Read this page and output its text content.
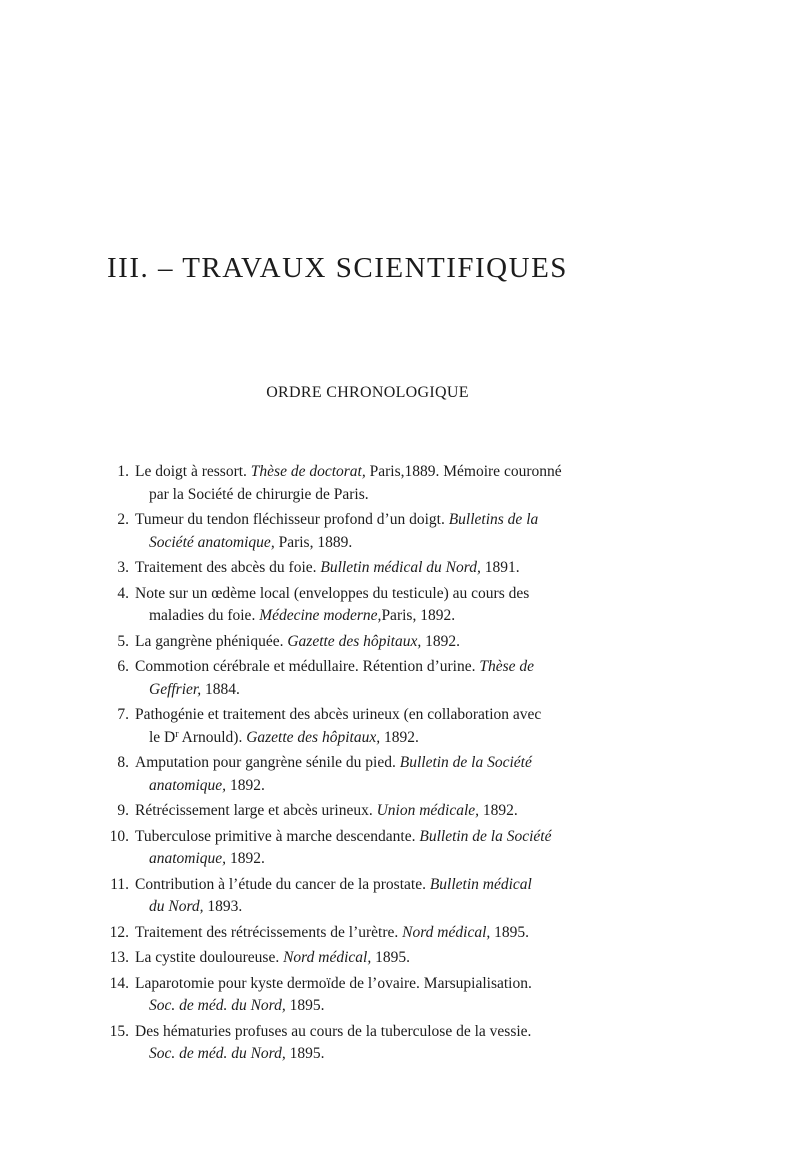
III. – TRAVAUX SCIENTIFIQUES
ORDRE CHRONOLOGIQUE
1. Le doigt à ressort. Thèse de doctorat, Paris,1889. Mémoire couronné
par la Société de chirurgie de Paris.
2. Tumeur du tendon fléchisseur profond d’un doigt. Bulletins de la
Société anatomique, Paris, 1889.
3. Traitement des abcès du foie. Bulletin médical du Nord, 1891.
4. Note sur un œdème local (enveloppes du testicule) au cours des
maladies du foie. Médecine moderne,Paris, 1892.
5. La gangrène phéniquée. Gazette des hôpitaux, 1892.
6. Commotion cérébrale et médullaire. Rétention d’urine. Thèse de
Geffrier, 1884.
7. Pathogénie et traitement des abcès urineux (en collaboration avec
le $D^r$ Arnould). Gazette des hôpitaux, 1892.
8. Amputation pour gangrène sénile du pied. Bulletin de la Société
anatomique, 1892.
9. Rétrécissement large et abcès urineux. Union médicale, 1892.
10. Tuberculose primitive à marche descendante. Bulletin de la Société
anatomique, 1892.
11. Contribution à l’étude du cancer de la prostate. Bulletin médical
du Nord, 1893.
12. Traitement des rétrécissements de l’urètre. Nord médical, 1895.
13. La cystite douloureuse. Nord médical, 1895.
14. Laparotomie pour kyste dermoïde de l’ovaire. Marsupialisation.
Soc. de méd. du Nord, 1895.
15. Des hématuries profuses au cours de la tuberculose de la vessie.
Soc. de méd. du Nord, 1895.
